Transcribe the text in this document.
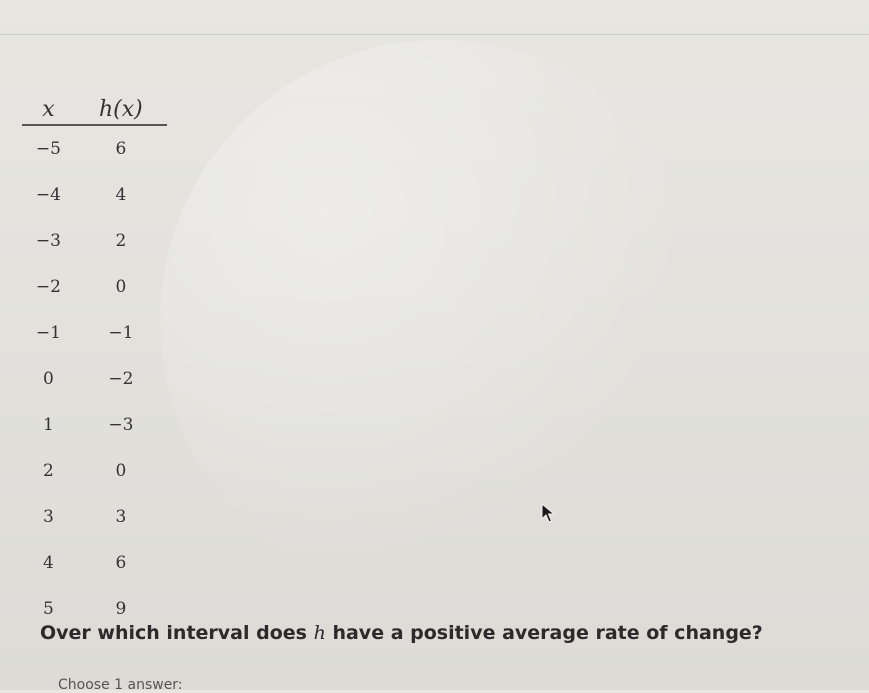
x	h(x)
−5	6
−4	4
−3	2
−2	0
−1	−1
0	−2
1	−3
2	0
3	3
4	6
5	9
Over which interval does h have a positive average rate of change?
Choose 1 answer:
